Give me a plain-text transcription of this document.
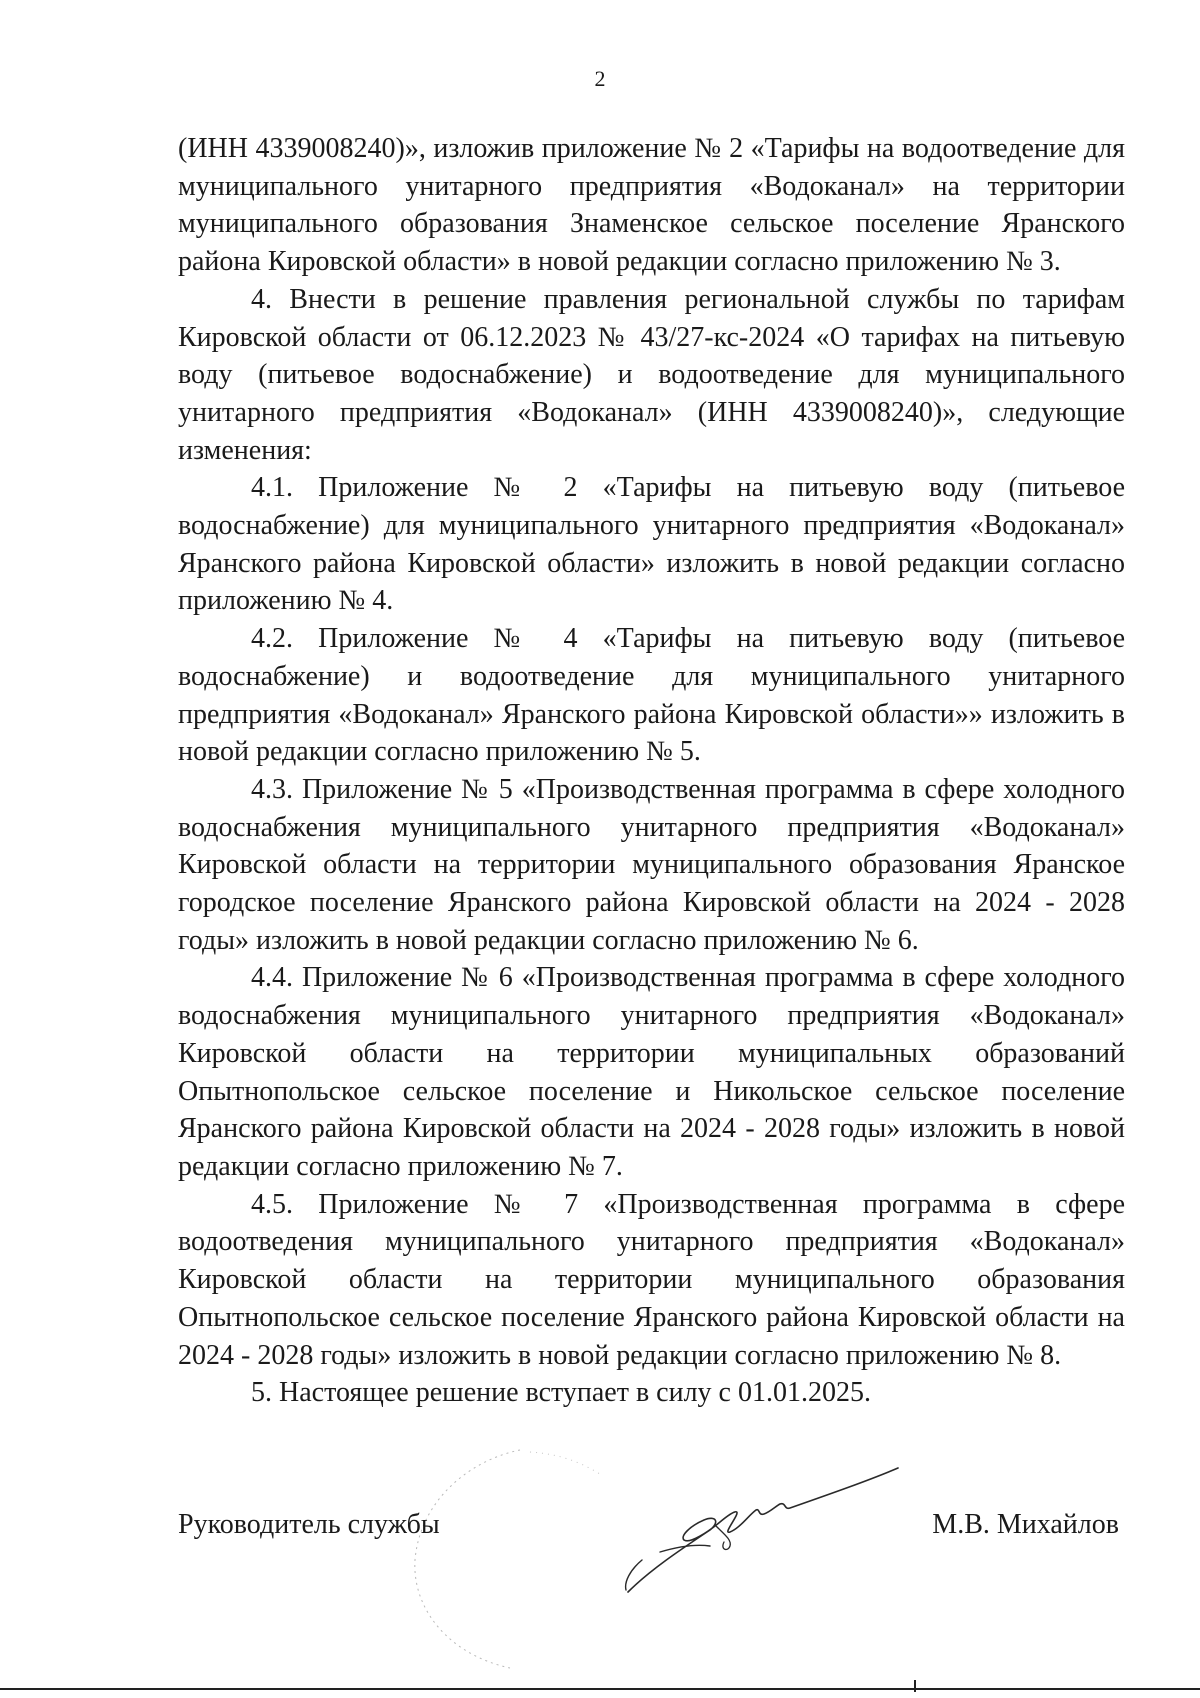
2

(ИНН 4339008240)», изложив приложение № 2 «Тарифы на водоотведение для муниципального унитарного предприятия «Водоканал» на территории муниципального образования Знаменское сельское поселение Яранского района Кировской области» в новой редакции согласно приложению № 3.

4. Внести в решение правления региональной службы по тарифам Кировской области от 06.12.2023 № 43/27-кс-2024 «О тарифах на питьевую воду (питьевое водоснабжение) и водоотведение для муниципального унитарного предприятия «Водоканал» (ИНН 4339008240)», следующие изменения:

4.1. Приложение № 2 «Тарифы на питьевую воду (питьевое водоснабжение) для муниципального унитарного предприятия «Водоканал» Яранского района Кировской области» изложить в новой редакции согласно приложению № 4.

4.2. Приложение № 4 «Тарифы на питьевую воду (питьевое водоснабжение) и водоотведение для муниципального унитарного предприятия «Водоканал» Яранского района Кировской области»» изложить в новой редакции согласно приложению № 5.

4.3. Приложение № 5 «Производственная программа в сфере холодного водоснабжения муниципального унитарного предприятия «Водоканал» Кировской области на территории муниципального образования Яранское городское поселение Яранского района Кировской области на 2024 - 2028 годы» изложить в новой редакции согласно приложению № 6.

4.4. Приложение № 6 «Производственная программа в сфере холодного водоснабжения муниципального унитарного предприятия «Водоканал» Кировской области на территории муниципальных образований Опытнопольское сельское поселение и Никольское сельское поселение Яранского района Кировской области на 2024 - 2028 годы» изложить в новой редакции согласно приложению № 7.

4.5. Приложение № 7 «Производственная программа в сфере водоотведения муниципального унитарного предприятия «Водоканал» Кировской области на территории муниципального образования Опытнопольское сельское поселение Яранского района Кировской области на 2024 - 2028 годы» изложить в новой редакции согласно приложению № 8.

5. Настоящее решение вступает в силу с 01.01.2025.

Руководитель службы	М.В. Михайлов
